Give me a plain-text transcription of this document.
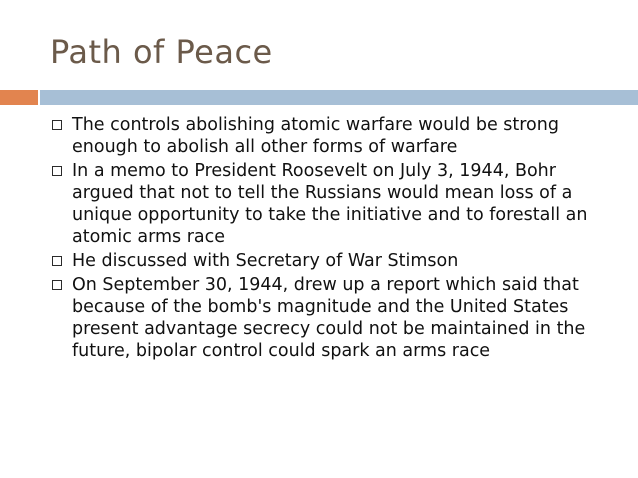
Path of Peace
The controls abolishing atomic warfare would be strong enough to abolish all other forms of warfare
In a memo to President Roosevelt on July 3, 1944, Bohr argued that not to tell the Russians would mean loss of a unique opportunity to take the initiative and to forestall an atomic arms race
He discussed with Secretary of War Stimson
On September 30, 1944, drew up a report which said that because of the bomb's magnitude and the United States present advantage secrecy could not be maintained in the future, bipolar control could spark an arms race
